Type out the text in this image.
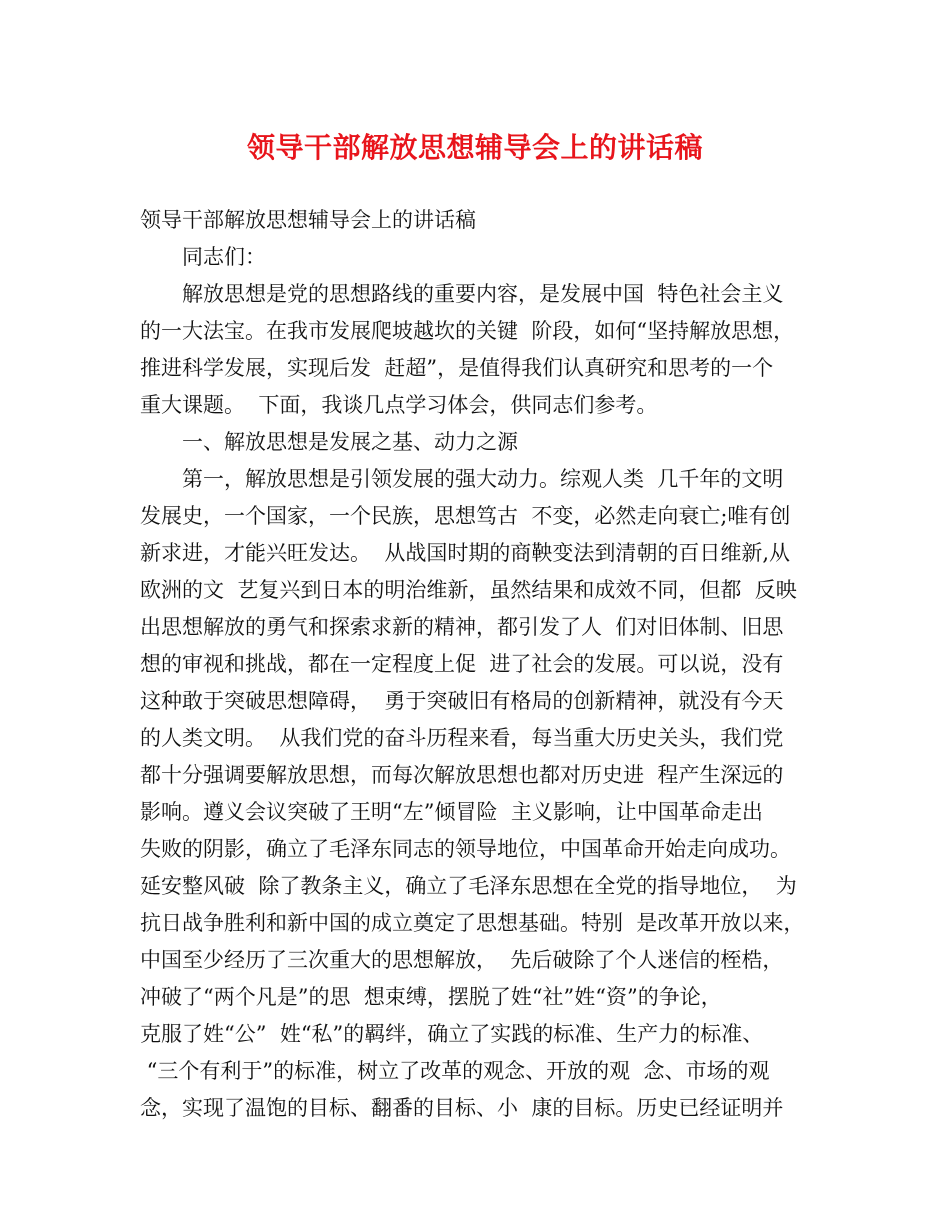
领导干部解放思想辅导会上的讲话稿
领导干部解放思想辅导会上的讲话稿
　　同志们：
　　解放思想是党的思想路线的重要内容，是发展中国  特色社会主义
的一大法宝。在我市发展爬坡越坎的关键  阶段，如何“坚持解放思想，
推进科学发展，实现后发  赶超”，是值得我们认真研究和思考的一个
重大课题。  下面，我谈几点学习体会，供同志们参考。
　　一、解放思想是发展之基、动力之源
　　第一，解放思想是引领发展的强大动力。综观人类  几千年的文明
发展史，一个国家，一个民族，思想笃古  不变，必然走向衰亡;唯有创
新求进，才能兴旺发达。  从战国时期的商鞅变法到清朝的百日维新,从
欧洲的文  艺复兴到日本的明治维新，虽然结果和成效不同，但都  反映
出思想解放的勇气和探索求新的精神，都引发了人  们对旧体制、旧思
想的审视和挑战，都在一定程度上促  进了社会的发展。可以说，没有
这种敢于突破思想障碍，  勇于突破旧有格局的创新精神，就没有今天
的人类文明。  从我们党的奋斗历程来看，每当重大历史关头，我们党
都十分强调要解放思想，而每次解放思想也都对历史进  程产生深远的
影响。遵义会议突破了王明“左”倾冒险  主义影响，让中国革命走出
失败的阴影，确立了毛泽东同志的领导地位，中国革命开始走向成功。
延安整风破  除了教条主义，确立了毛泽东思想在全党的指导地位，  为
抗日战争胜利和新中国的成立奠定了思想基础。特别  是改革开放以来，
中国至少经历了三次重大的思想解放，  先后破除了个人迷信的桎梏，
冲破了“两个凡是”的思  想束缚，摆脱了姓“社”姓“资”的争论，
克服了姓“公”  姓“私”的羁绊，确立了实践的标准、生产力的标准、
“三个有利于”的标准，树立了改革的观念、开放的观  念、市场的观
念，实现了温饱的目标、翻番的目标、小  康的目标。历史已经证明并
